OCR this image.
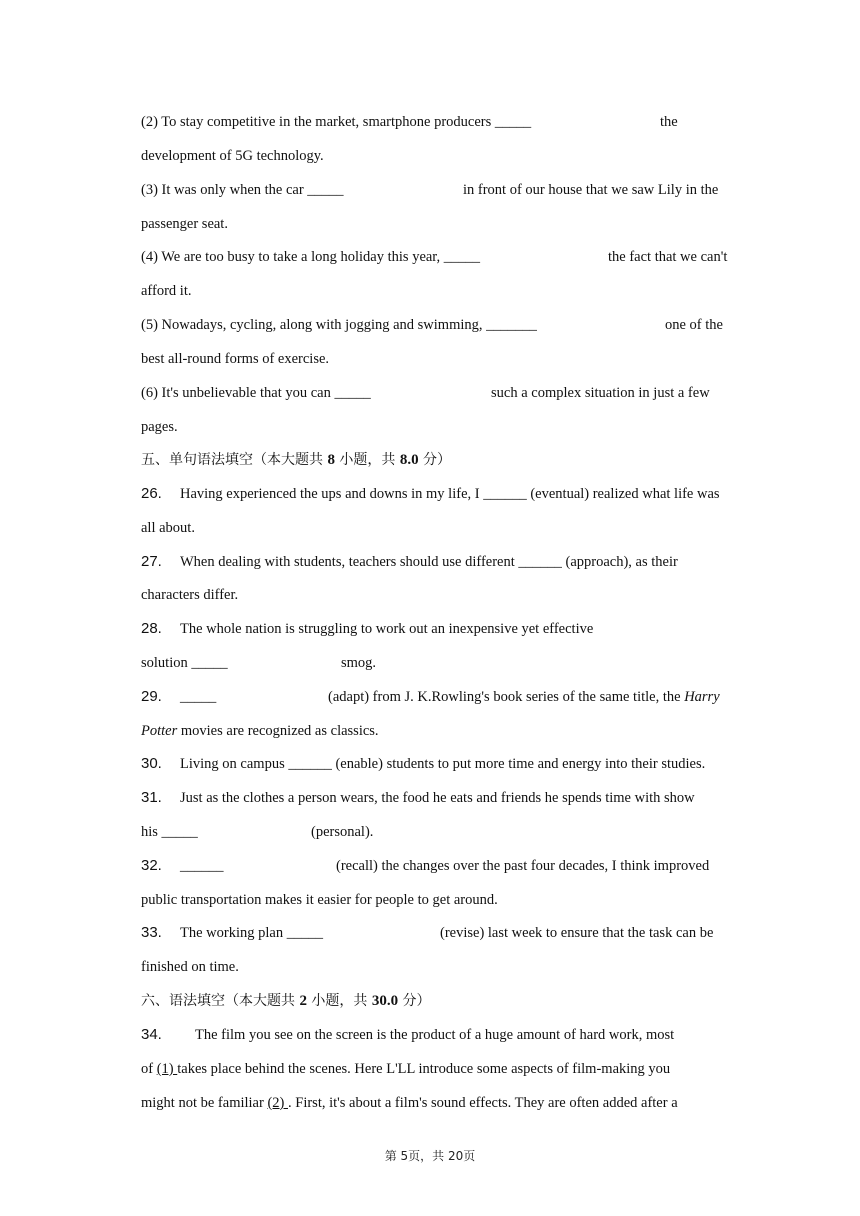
(2) To stay competitive in the market, smartphone producers _____	the
development of 5G technology.
(3) It was only when the car _____	in front of our house that we saw Lily in the
passenger seat.
(4) We are too busy to take a long holiday this year, _____	the fact that we can't
afford it.
(5) Nowadays, cycling, along with jogging and swimming, _______	one of the
best all-round forms of exercise.
(6) It's unbelievable that you can _____	such a complex situation in just a few
pages.
五、单句语法填空（本大题共 8 小题，共 8.0 分）
26. Having experienced the ups and downs in my life, I ______ (eventual) realized what life was
all about.
27. When dealing with students, teachers should use different ______ (approach), as their
characters differ.
28. The whole nation is struggling to work out an inexpensive yet effective
solution _____	smog.
29. _____	(adapt) from J. K.Rowling's book series of the same title, the Harry
Potter movies are recognized as classics.
30. Living on campus ______ (enable) students to put more time and energy into their studies.
31. Just as the clothes a person wears, the food he eats and friends he spends time with show
his _____	(personal).
32. ______	(recall) the changes over the past four decades, I think improved
public transportation makes it easier for people to get around.
33. The working plan _____	(revise) last week to ensure that the task can be
finished on time.
六、语法填空（本大题共 2 小题，共 30.0 分）
34. The film you see on the screen is the product of a huge amount of hard work, most
of (1) takes place behind the scenes. Here L'LL introduce some aspects of film-making you
might not be familiar (2) . First, it's about a film's sound effects. They are often added after a
第 5页，共 20页
